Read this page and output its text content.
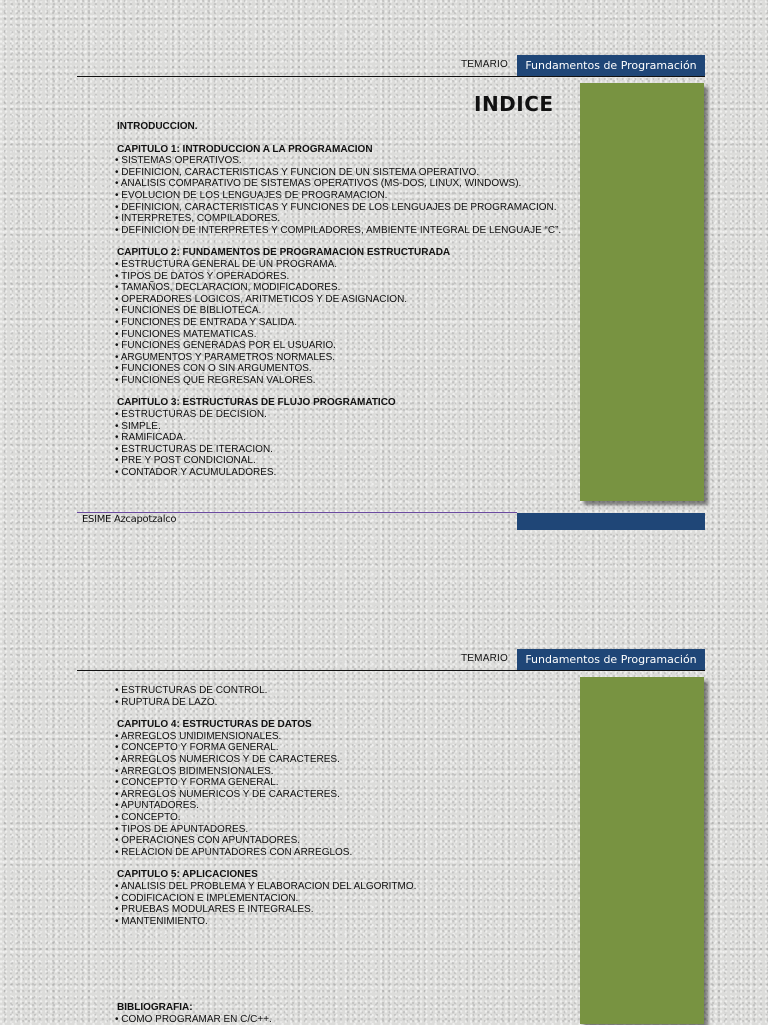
TEMARIO Fundamentos de Programación
INDICE

INTRODUCCION.

CAPITULO 1: INTRODUCCION A LA PROGRAMACION

• SISTEMAS OPERATIVOS.

• DEFINICION, CARACTERISTICAS Y FUNCION DE UN SISTEMA OPERATIVO.

• ANALISIS COMPARATIVO DE SISTEMAS OPERATIVOS (MS-DOS, LINUX, WINDOWS).

• EVOLUCION DE LOS LENGUAJES DE PROGRAMACION.

• DEFINICION, CARACTERISTICAS Y FUNCIONES DE LOS LENGUAJES DE PROGRAMACION.

• INTERPRETES, COMPILADORES.

• DEFINICION DE INTERPRETES Y COMPILADORES, AMBIENTE INTEGRAL DE LENGUAJE “C”.

CAPITULO 2: FUNDAMENTOS DE PROGRAMACION ESTRUCTURADA

• ESTRUCTURA GENERAL DE UN PROGRAMA.

• TIPOS DE DATOS Y OPERADORES.

• TAMAÑOS, DECLARACION, MODIFICADORES.

• OPERADORES LOGICOS, ARITMETICOS Y DE ASIGNACION.

• FUNCIONES DE BIBLIOTECA.

• FUNCIONES DE ENTRADA Y SALIDA.

• FUNCIONES MATEMATICAS.

• FUNCIONES GENERADAS POR EL USUARIO.

• ARGUMENTOS Y PARAMETROS NORMALES.

• FUNCIONES CON O SIN ARGUMENTOS.

• FUNCIONES QUE REGRESAN VALORES.

CAPITULO 3: ESTRUCTURAS DE FLUJO PROGRAMATICO

• ESTRUCTURAS DE DECISION.

• SIMPLE.

• RAMIFICADA.

• ESTRUCTURAS DE ITERACION.

• PRE Y POST CONDICIONAL.

• CONTADOR Y ACUMULADORES.

ESIME Azcapotzalco
TEMARIO Fundamentos de Programación

• ESTRUCTURAS DE CONTROL.

• RUPTURA DE LAZO.

CAPITULO 4: ESTRUCTURAS DE DATOS

• ARREGLOS UNIDIMENSIONALES.

• CONCEPTO Y FORMA GENERAL.

• ARREGLOS NUMERICOS Y DE CARACTERES.

• ARREGLOS BIDIMENSIONALES.

• CONCEPTO Y FORMA GENERAL.

• ARREGLOS NUMERICOS Y DE CARACTERES.

• APUNTADORES.

• CONCEPTO.

• TIPOS DE APUNTADORES.

• OPERACIONES CON APUNTADORES.

• RELACION DE APUNTADORES CON ARREGLOS.

CAPITULO 5: APLICACIONES

• ANALISIS DEL PROBLEMA Y ELABORACION DEL ALGORITMO.

• CODIFICACION E IMPLEMENTACION.

• PRUEBAS MODULARES E INTEGRALES.

• MANTENIMIENTO.

BIBLIOGRAFIA:

• COMO PROGRAMAR EN C/C++.
